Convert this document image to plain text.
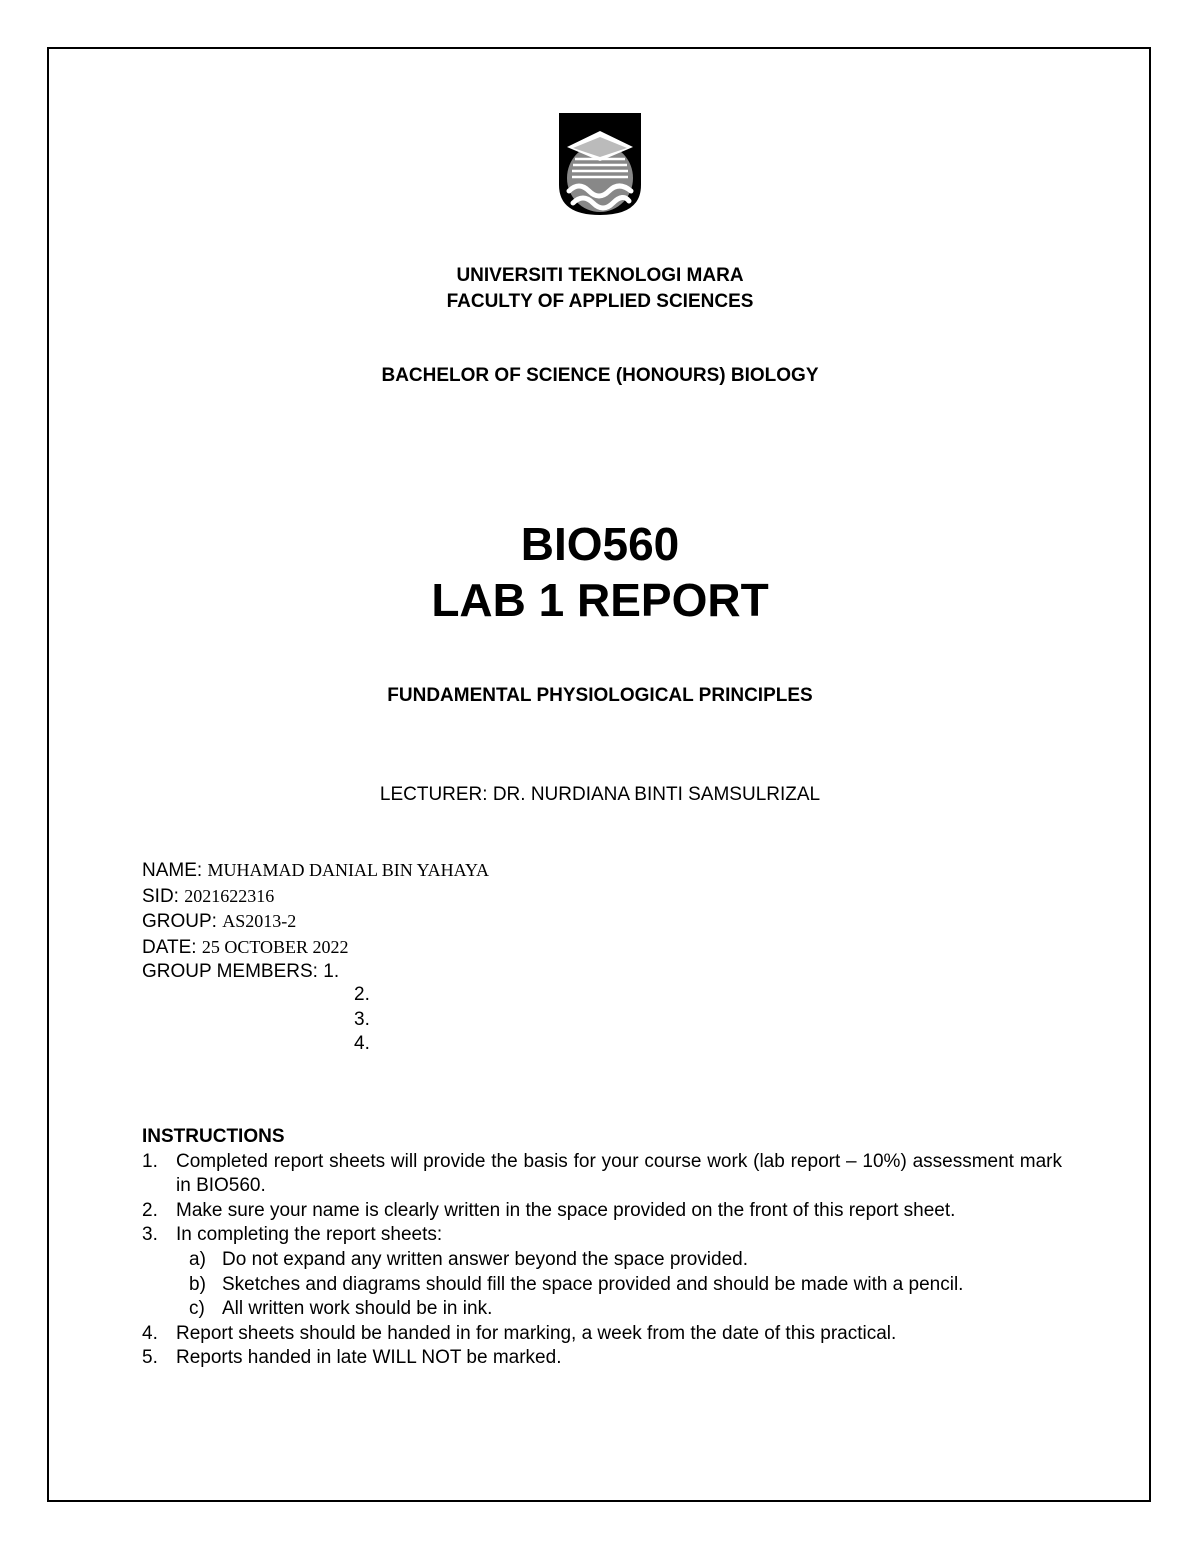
UNIVERSITI TEKNOLOGI MARA
FACULTY OF APPLIED SCIENCES
BACHELOR OF SCIENCE (HONOURS) BIOLOGY
BIO560
LAB 1 REPORT
FUNDAMENTAL PHYSIOLOGICAL PRINCIPLES
LECTURER: DR. NURDIANA BINTI SAMSULRIZAL
NAME: MUHAMAD DANIAL BIN YAHAYA
SID: 2021622316
GROUP: AS2013-2
DATE: 25 OCTOBER 2022
GROUP MEMBERS: 1.
2.
3.
4.
INSTRUCTIONS
1. Completed report sheets will provide the basis for your course work (lab report – 10%) assessment mark in BIO560.
2. Make sure your name is clearly written in the space provided on the front of this report sheet.
3. In completing the report sheets:
a) Do not expand any written answer beyond the space provided.
b) Sketches and diagrams should fill the space provided and should be made with a pencil.
c) All written work should be in ink.
4. Report sheets should be handed in for marking, a week from the date of this practical.
5. Reports handed in late WILL NOT be marked.
